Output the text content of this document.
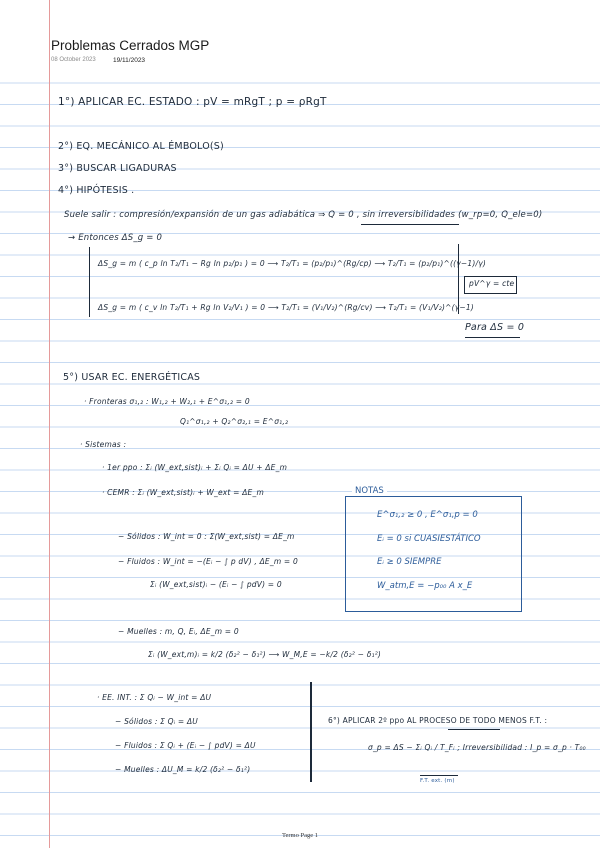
Problemas Cerrados MGP
08 October 2023	19/11/2023
1°) APLICAR EC. ESTADO : pV = mRgT ; p = ρRgT
2°) EQ. MECÁNICO AL ÉMBOLO(S)
3°) BUSCAR LIGADURAS
4°) HIPÓTESIS .
Suele salir : compresión/expansión de un gas adiabática ⇒ Q = 0 , sin irreversibilidades (w_rp=0, Q_ele=0)
→ Entonces ΔS_g = 0
ΔS_g = m ( c_p ln T₂/T₁ − Rg ln p₂/p₁ ) = 0 ⟶ T₂/T₁ = (p₂/p₁)^(Rg/cp) ⟶ T₂/T₁ = (p₂/p₁)^((γ−1)/γ)
ΔS_g = m ( c_v ln T₂/T₁ + Rg ln V₂/V₁ ) = 0 ⟶ T₂/T₁ = (V₁/V₂)^(Rg/cv) ⟶ T₂/T₁ = (V₁/V₂)^(γ−1)
pV^γ = cte
Para ΔS = 0
5°) USAR EC. ENERGÉTICAS
· Fronteras σ₁,₂ : W₁,₂ + W₂,₁ + E^σ₁,₂ = 0
Q₁^σ₁,₂ + Q₂^σ₂,₁ = E^σ₁,₂
· Sistemas :
· 1er ppo : Σᵢ (W_ext,sist)ᵢ + Σᵢ Qᵢ = ΔU + ΔE_m
· CEMR : Σᵢ (W_ext,sist)ᵢ + W_ext = ΔE_m
− Sólidos : W_int = 0 : Σ(W_ext,sist) = ΔE_m
− Fluidos : W_int = −(Eᵢ − ∫ p dV) , ΔE_m = 0
Σᵢ (W_ext,sist)ᵢ − (Eᵢ − ∫ pdV) = 0
− Muelles : m, Q, Eᵢ, ΔE_m = 0
Σᵢ (W_ext,m)ᵢ = k/2 (δ₂² − δ₁²) ⟶ W_M,E = −k/2 (δ₂² − δ₁²)
NOTAS
E^σ₁,₂ ≥ 0 , E^σ₁,p = 0
Eᵢ = 0 si CUASIESTÁTICO
Eᵢ ≥ 0 SIEMPRE
W_atm,E = −p₀₀ A x_E
· EE. INT. : Σ Qᵢ − W_int = ΔU
− Sólidos : Σ Qᵢ = ΔU
− Fluidos : Σ Qᵢ + (Eᵢ − ∫ pdV) = ΔU
− Muelles : ΔU_M = k/2 (δ₂² − δ₁²)
6°) APLICAR 2º ppo AL PROCESO DE TODO MENOS F.T. :
σ_p = ΔS − Σᵢ Qᵢ / T_Fᵢ ; Irreversibilidad : I_p = σ_p · T₀₀
F.T. ext. (m)
Termo Page 1
